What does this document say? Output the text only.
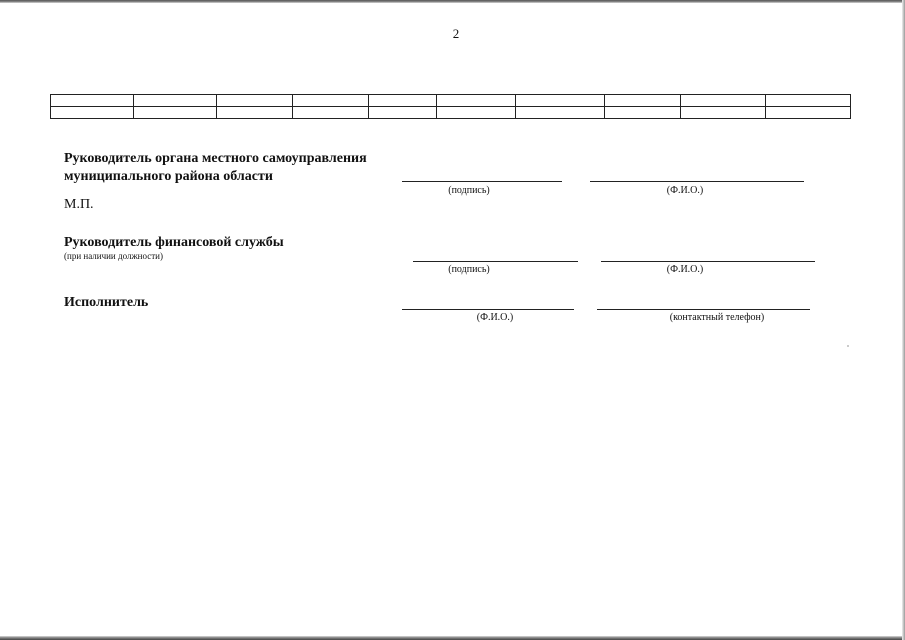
2

Руководитель органа местного самоуправления
муниципального района области
(подпись)	(Ф.И.О.)
М.П.
Руководитель финансовой службы
(при наличии должности)
(подпись)	(Ф.И.О.)
Исполнитель
(Ф.И.О.)	(контактный телефон)
